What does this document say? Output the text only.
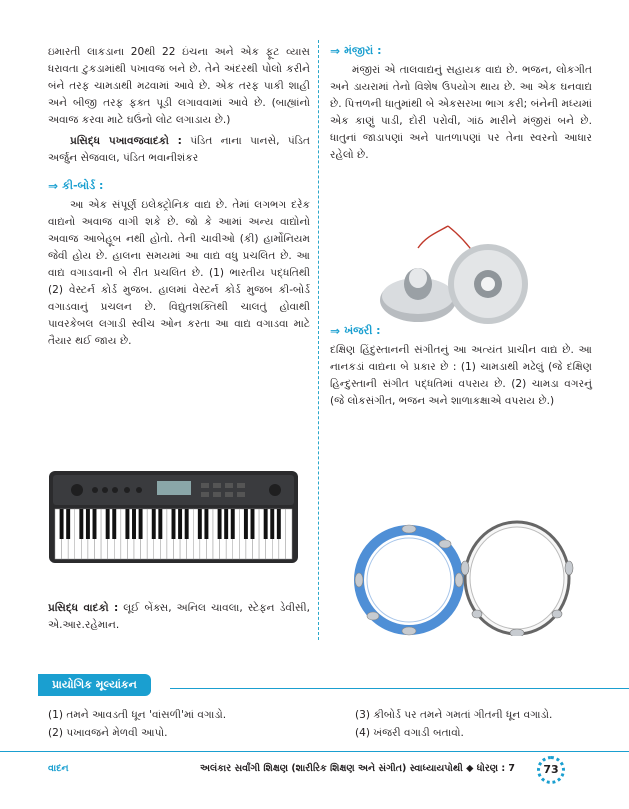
ઇમારતી લાકડાના 20થી 22 ઇંચના અને એક ફૂટ વ્યાસ ધરાવતા ટુકડામાંથી પખાવજ બને છે. તેને અંદરથી પોલો કરીને બંને તરફ ચામડાથી મઢવામાં આવે છે. એક તરફ પાકી શાહી અને બીજી તરફ ફક્ત પૂડી લગાવવામાં આવે છે. (બાહ્યાંનો અવાજ કરવા માટે ઘઉંનો લોટ લગાડાય છે.)

પ્રસિદ્ધ પખાવજવાદકો : પંડિત નાના પાનસે, પંડિત અર્જુન સેજવાલ, પંડિત ભવાનીશંકર

⇒ કી-બોર્ડ :

આ એક સંપૂર્ણ ઇલેક્ટ્રોનિક વાદ્ય છે. તેમાં લગભગ દરેક વાદ્યનો અવાજ વાગી શકે છે. જો કે આમાં અન્ય વાદ્યોનો અવાજ આબેહૂબ નથી હોતો. તેની ચાવીઓ (કી) હાર્મોનિયમ જેવી હોય છે. હાલના સમયમાં આ વાદ્ય વધુ પ્રચલિત છે. આ વાદ્ય વગાડવાની બે રીત પ્રચલિત છે. (1) ભારતીય પદ્ધતિથી (2) વેસ્ટર્ન કોર્ડ મુજબ. હાલમાં વેસ્ટર્ન કોર્ડ મુજબ કી-બોર્ડ વગાડવાનું પ્રચલન છે. વિદ્યુતશક્તિથી ચાલતું હોવાથી પાવરકેબલ લગાડી સ્વીચ ઓન કરતા આ વાદ્ય વગાડવા માટે તૈયાર થઈ જાય છે.

પ્રસિદ્ધ વાદકો : લૂઈ બેંક્સ, અનિલ ચાવલા, સ્ટેફન ડેવીસી, એ.આર.રહેમાન.

⇒ મંજીરાં :

મંજીરાં એ તાલવાદ્યનું સહાયક વાદ્ય છે. ભજન, લોકગીત અને ડાયરામાં તેનો વિશેષ ઉપયોગ થાય છે. આ એક ઘનવાદ્ય છે. પિત્તળની ધાતુમાંથી બે એકસરખા ભાગ કરી; બંનેની મધ્યમાં એક કાણું પાડી, દોરી પરોવી, ગાંઠ મારીને મંજીરાં બને છે. ધાતુનાં જાડાપણાં અને પાતળાપણાં પર તેના સ્વરનો આધાર રહેલો છે.

⇒ ખંજરી :

દક્ષિણ હિંદુસ્તાનની સંગીતનું આ અત્યંત પ્રાચીન વાદ્ય છે. આ નાનકડાં વાદ્યના બે પ્રકાર છે : (1) ચામડાથી મઢેલું (જે દક્ષિણ હિન્દુસ્તાની સંગીત પદ્ધતિમાં વપરાય છે. (2) ચામડા વગરનું (જે લોકસંગીત, ભજન અને શાળાકક્ષાએ વપરાય છે.)

પ્રાયોગિક મૂલ્યાંકન
(1) તમને આવડતી ધૂન 'વાંસળી'માં વગાડો.
(2) પખાવજને મેળવી આપો.
(3) કીબોર્ડ પર તમને ગમતાં ગીતની ધૂન વગાડો.
(4) ખંજરી વગાડી બતાવો.
વાદન	અલંકાર સર્વાંગી શિક્ષણ (શારીરિક શિક્ષણ અને સંગીત) સ્વાધ્યાયપોથી ◆ ધોરણ : 7	73
